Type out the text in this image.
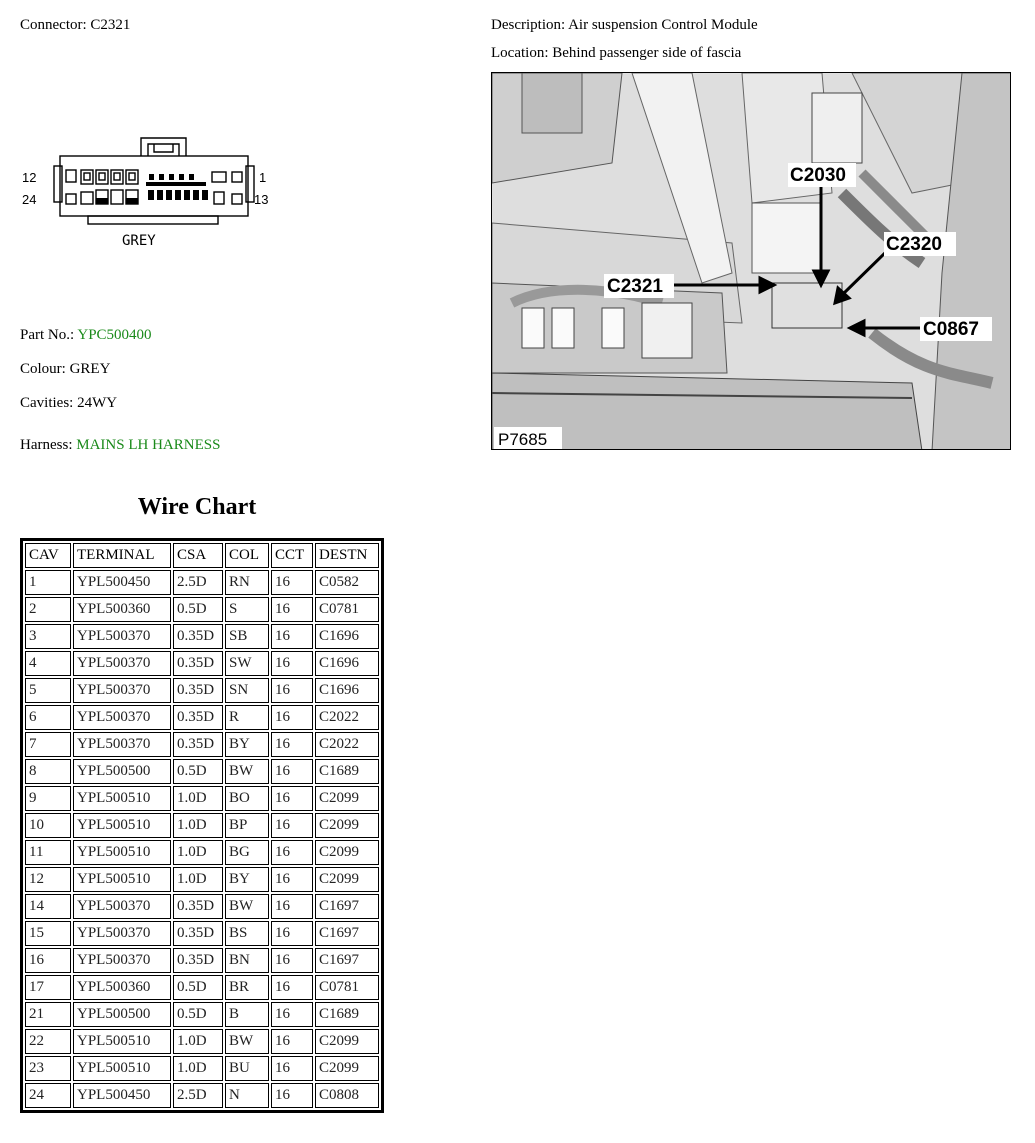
Connector: C2321	Description: Air suspension Control Module
Location: Behind passenger side of fascia
12
24
1
13
GREY
C2030
C2320
C2321
C0867
P7685
Part No.: YPC500400
Colour: GREY
Cavities: 24WY
Harness: MAINS LH HARNESS
Wire Chart
CAV	TERMINAL	CSA	COL	CCT	DESTN
1	YPL500450	2.5D	RN	16	C0582
2	YPL500360	0.5D	S	16	C0781
3	YPL500370	0.35D	SB	16	C1696
4	YPL500370	0.35D	SW	16	C1696
5	YPL500370	0.35D	SN	16	C1696
6	YPL500370	0.35D	R	16	C2022
7	YPL500370	0.35D	BY	16	C2022
8	YPL500500	0.5D	BW	16	C1689
9	YPL500510	1.0D	BO	16	C2099
10	YPL500510	1.0D	BP	16	C2099
11	YPL500510	1.0D	BG	16	C2099
12	YPL500510	1.0D	BY	16	C2099
14	YPL500370	0.35D	BW	16	C1697
15	YPL500370	0.35D	BS	16	C1697
16	YPL500370	0.35D	BN	16	C1697
17	YPL500360	0.5D	BR	16	C0781
21	YPL500500	0.5D	B	16	C1689
22	YPL500510	1.0D	BW	16	C2099
23	YPL500510	1.0D	BU	16	C2099
24	YPL500450	2.5D	N	16	C0808
